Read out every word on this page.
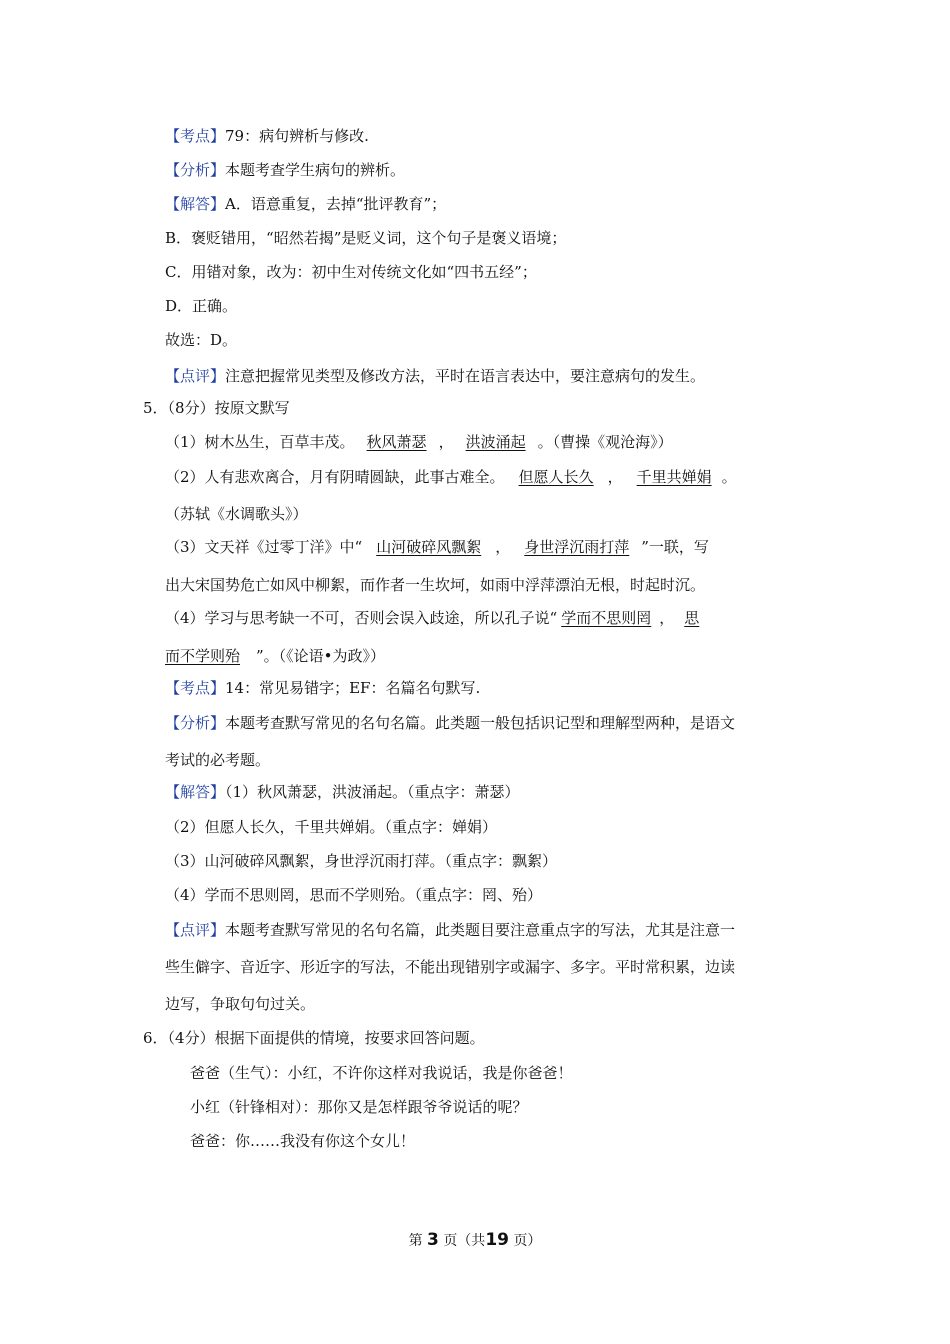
【考点】79：病句辨析与修改.
【分析】本题考查学生病句的辨析。
【解答】A．语意重复，去掉“批评教育”；
B．褒贬错用，“昭然若揭”是贬义词，这个句子是褒义语境；
C．用错对象，改为：初中生对传统文化如“四书五经”；
D．正确。
故选：D。
【点评】注意把握常见类型及修改方法，平时在语言表达中，要注意病句的发生。
5．（8分）按原文默写
（1）树木丛生，百草丰茂。 秋风萧瑟 ， 洪波涌起 。（曹操《观沧海》）
（2）人有悲欢离合，月有阴晴圆缺，此事古难全。 但愿人长久 ， 千里共婵娟 。
（苏轼《水调歌头》）
（3）文天祥《过零丁洋》中“ 山河破碎风飘絮 ， 身世浮沉雨打萍 ”一联，写
出大宋国势危亡如风中柳絮，而作者一生坎坷，如雨中浮萍漂泊无根，时起时沉。
（4）学习与思考缺一不可，否则会误入歧途，所以孔子说“ 学而不思则罔 ， 思
而不学则殆 ”。（《论语•为政》）
【考点】14：常见易错字；EF：名篇名句默写.
【分析】本题考查默写常见的名句名篇。此类题一般包括识记型和理解型两种，是语文
考试的必考题。
【解答】（1）秋风萧瑟，洪波涌起。（重点字：萧瑟）
（2）但愿人长久，千里共婵娟。（重点字：婵娟）
（3）山河破碎风飘絮，身世浮沉雨打萍。（重点字：飘絮）
（4）学而不思则罔，思而不学则殆。（重点字：罔、殆）
【点评】本题考查默写常见的名句名篇，此类题目要注意重点字的写法，尤其是注意一
些生僻字、音近字、形近字的写法，不能出现错别字或漏字、多字。平时常积累，边读
边写，争取句句过关。
6．（4分）根据下面提供的情境，按要求回答问题。
爸爸（生气）：小红，不许你这样对我说话，我是你爸爸！
小红（针锋相对）：那你又是怎样跟爷爷说话的呢？
爸爸：你……我没有你这个女儿！
第 3 页（共19 页）
